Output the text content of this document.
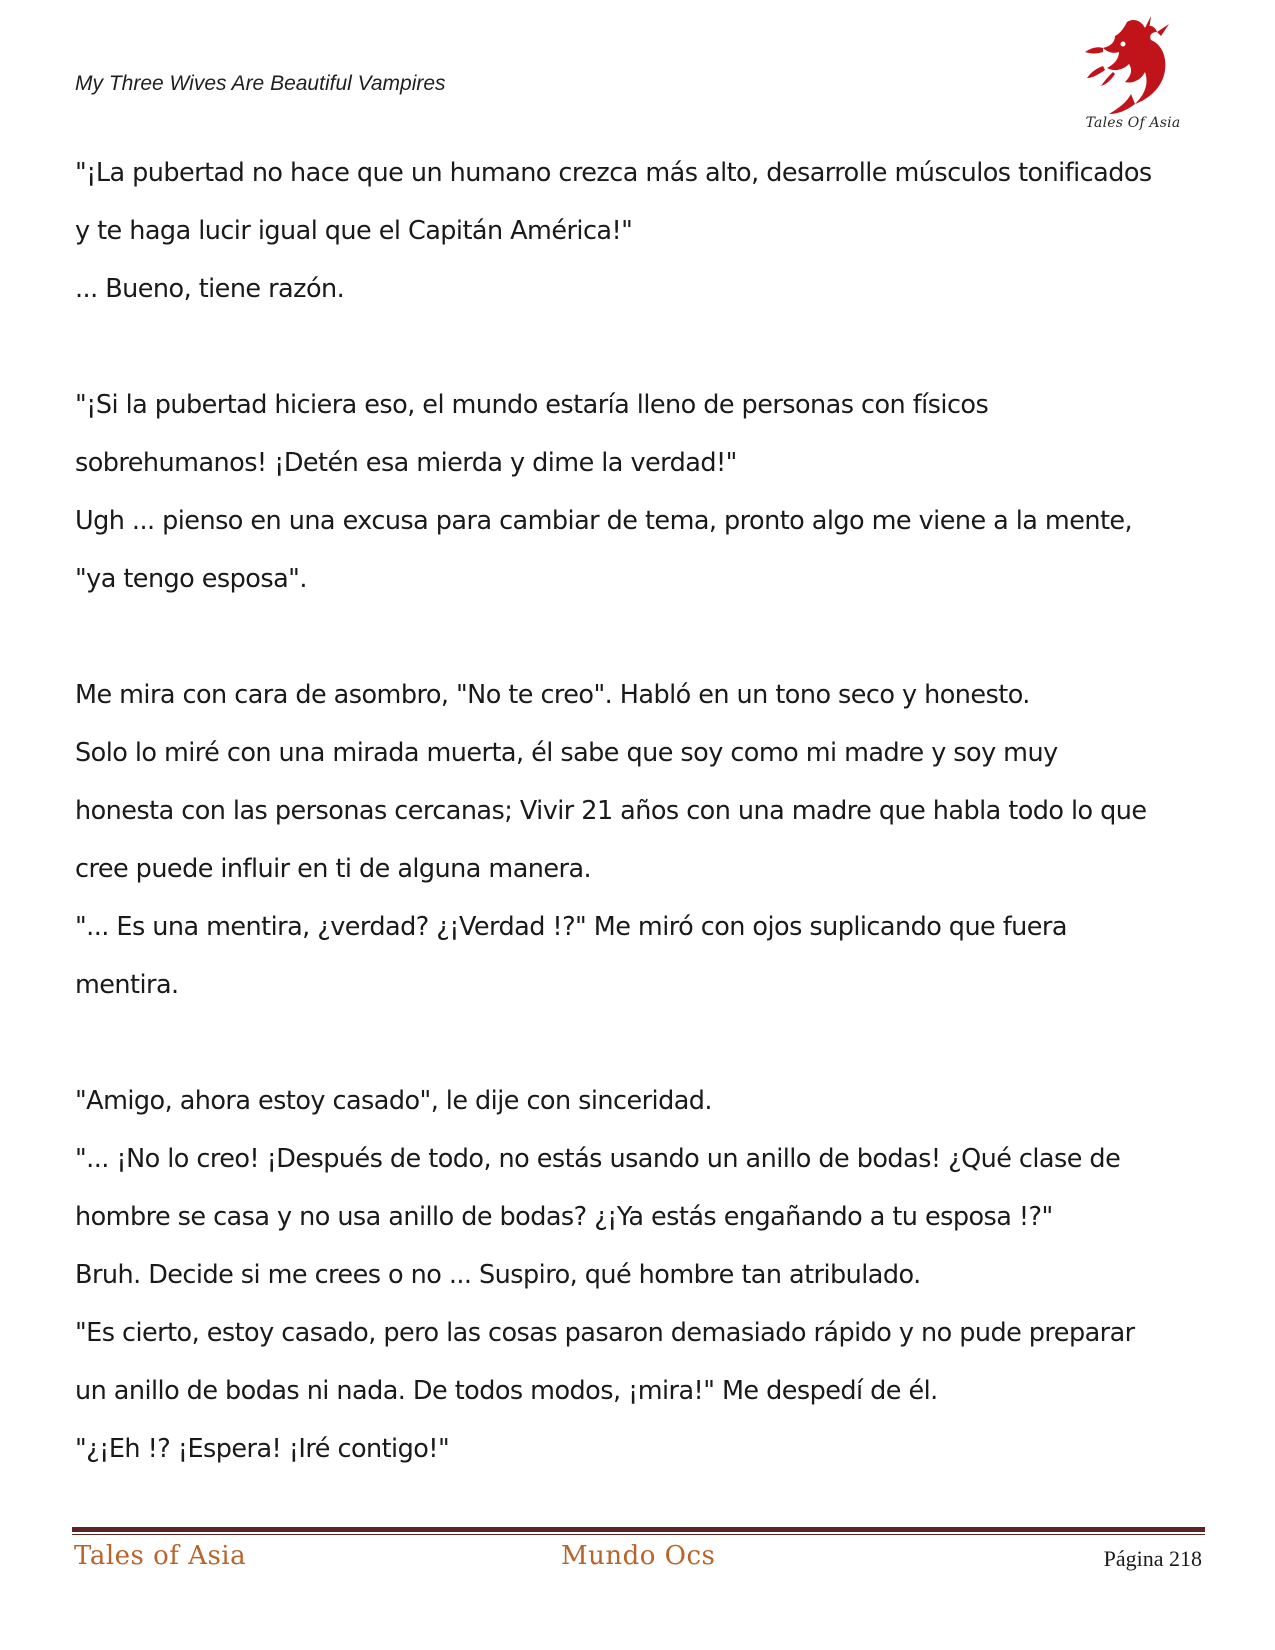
My Three Wives Are Beautiful Vampires
Tales Of Asia
"¡La pubertad no hace que un humano crezca más alto, desarrolle músculos tonificados
y te haga lucir igual que el Capitán América!"
... Bueno, tiene razón.
"¡Si la pubertad hiciera eso, el mundo estaría lleno de personas con físicos
sobrehumanos! ¡Detén esa mierda y dime la verdad!"
Ugh ... pienso en una excusa para cambiar de tema, pronto algo me viene a la mente,
"ya tengo esposa".
Me mira con cara de asombro, "No te creo". Habló en un tono seco y honesto.
Solo lo miré con una mirada muerta, él sabe que soy como mi madre y soy muy
honesta con las personas cercanas; Vivir 21 años con una madre que habla todo lo que
cree puede influir en ti de alguna manera.
"... Es una mentira, ¿verdad? ¿¡Verdad !?" Me miró con ojos suplicando que fuera
mentira.
"Amigo, ahora estoy casado", le dije con sinceridad.
"... ¡No lo creo! ¡Después de todo, no estás usando un anillo de bodas! ¿Qué clase de
hombre se casa y no usa anillo de bodas? ¿¡Ya estás engañando a tu esposa !?"
Bruh. Decide si me crees o no ... Suspiro, qué hombre tan atribulado.
"Es cierto, estoy casado, pero las cosas pasaron demasiado rápido y no pude preparar
un anillo de bodas ni nada. De todos modos, ¡mira!" Me despedí de él.
"¿¡Eh !? ¡Espera! ¡Iré contigo!"
Tales of Asia	Mundo Ocs	Página 218
